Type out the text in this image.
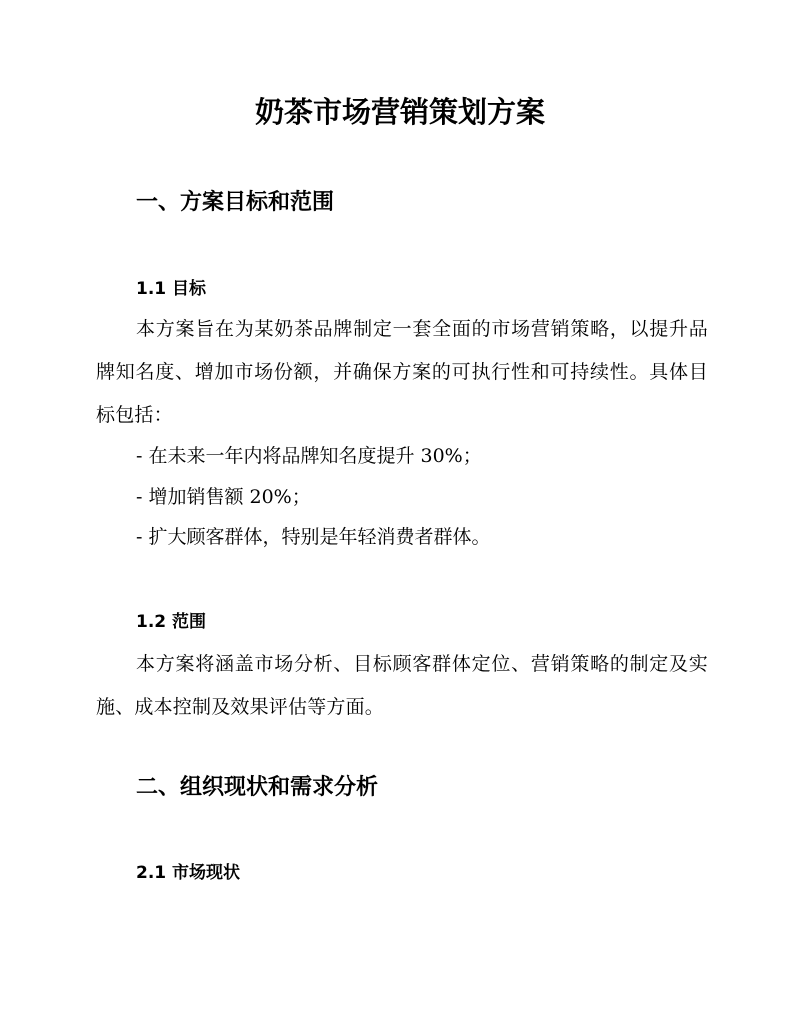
奶茶市场营销策划方案
一、方案目标和范围
1.1 目标

本方案旨在为某奶茶品牌制定一套全面的市场营销策略，以提升品牌知名度、增加市场份额，并确保方案的可执行性和可持续性。具体目标包括：

- 在未来一年内将品牌知名度提升 30%；

- 增加销售额 20%；

- 扩大顾客群体，特别是年轻消费者群体。

1.2 范围

本方案将涵盖市场分析、目标顾客群体定位、营销策略的制定及实施、成本控制及效果评估等方面。

二、组织现状和需求分析
2.1 市场现状
